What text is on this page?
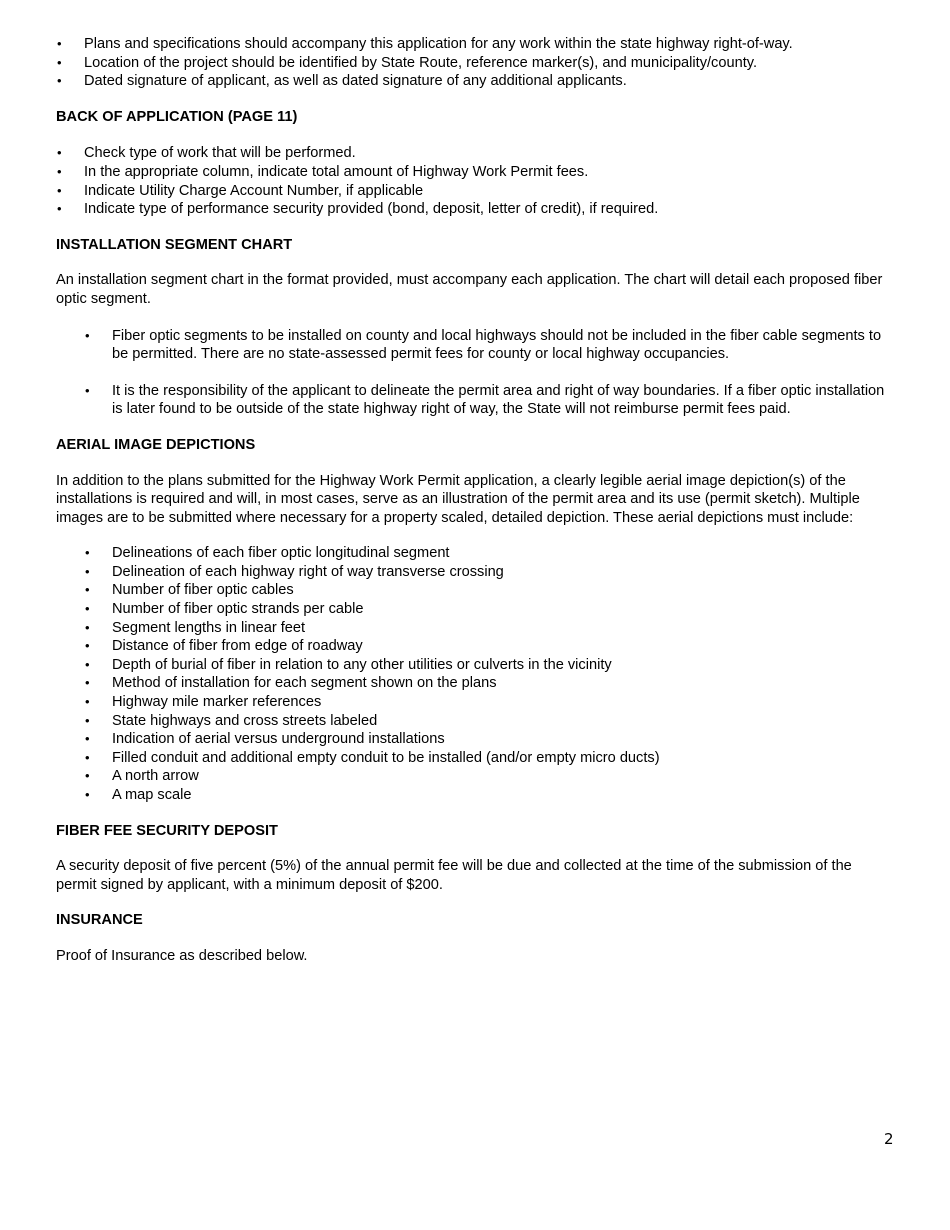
• Plans and specifications should accompany this application for any work within the state highway right-of-way.
• Location of the project should be identified by State Route, reference marker(s), and municipality/county.
• Dated signature of applicant, as well as dated signature of any additional applicants.
BACK OF APPLICATION (PAGE 11)
• Check type of work that will be performed.
• In the appropriate column, indicate total amount of Highway Work Permit fees.
• Indicate Utility Charge Account Number, if applicable
• Indicate type of performance security provided (bond, deposit, letter of credit), if required.
INSTALLATION SEGMENT CHART

An installation segment chart in the format provided, must accompany each application. The chart will detail each proposed fiber optic segment.

• Fiber optic segments to be installed on county and local highways should not be included in the fiber cable segments to be permitted. There are no state-assessed permit fees for county or local highway occupancies.
• It is the responsibility of the applicant to delineate the permit area and right of way boundaries. If a fiber optic installation is later found to be outside of the state highway right of way, the State will not reimburse permit fees paid.
AERIAL IMAGE DEPICTIONS

In addition to the plans submitted for the Highway Work Permit application, a clearly legible aerial image depiction(s) of the installations is required and will, in most cases, serve as an illustration of the permit area and its use (permit sketch). Multiple images are to be submitted where necessary for a property scaled, detailed depiction. These aerial depictions must include:

• Delineations of each fiber optic longitudinal segment
• Delineation of each highway right of way transverse crossing
• Number of fiber optic cables
• Number of fiber optic strands per cable
• Segment lengths in linear feet
• Distance of fiber from edge of roadway
• Depth of burial of fiber in relation to any other utilities or culverts in the vicinity
• Method of installation for each segment shown on the plans
• Highway mile marker references
• State highways and cross streets labeled
• Indication of aerial versus underground installations
• Filled conduit and additional empty conduit to be installed (and/or empty micro ducts)
• A north arrow
• A map scale
FIBER FEE SECURITY DEPOSIT

A security deposit of five percent (5%) of the annual permit fee will be due and collected at the time of the submission of the permit signed by applicant, with a minimum deposit of $200.

INSURANCE

Proof of Insurance as described below.

2
